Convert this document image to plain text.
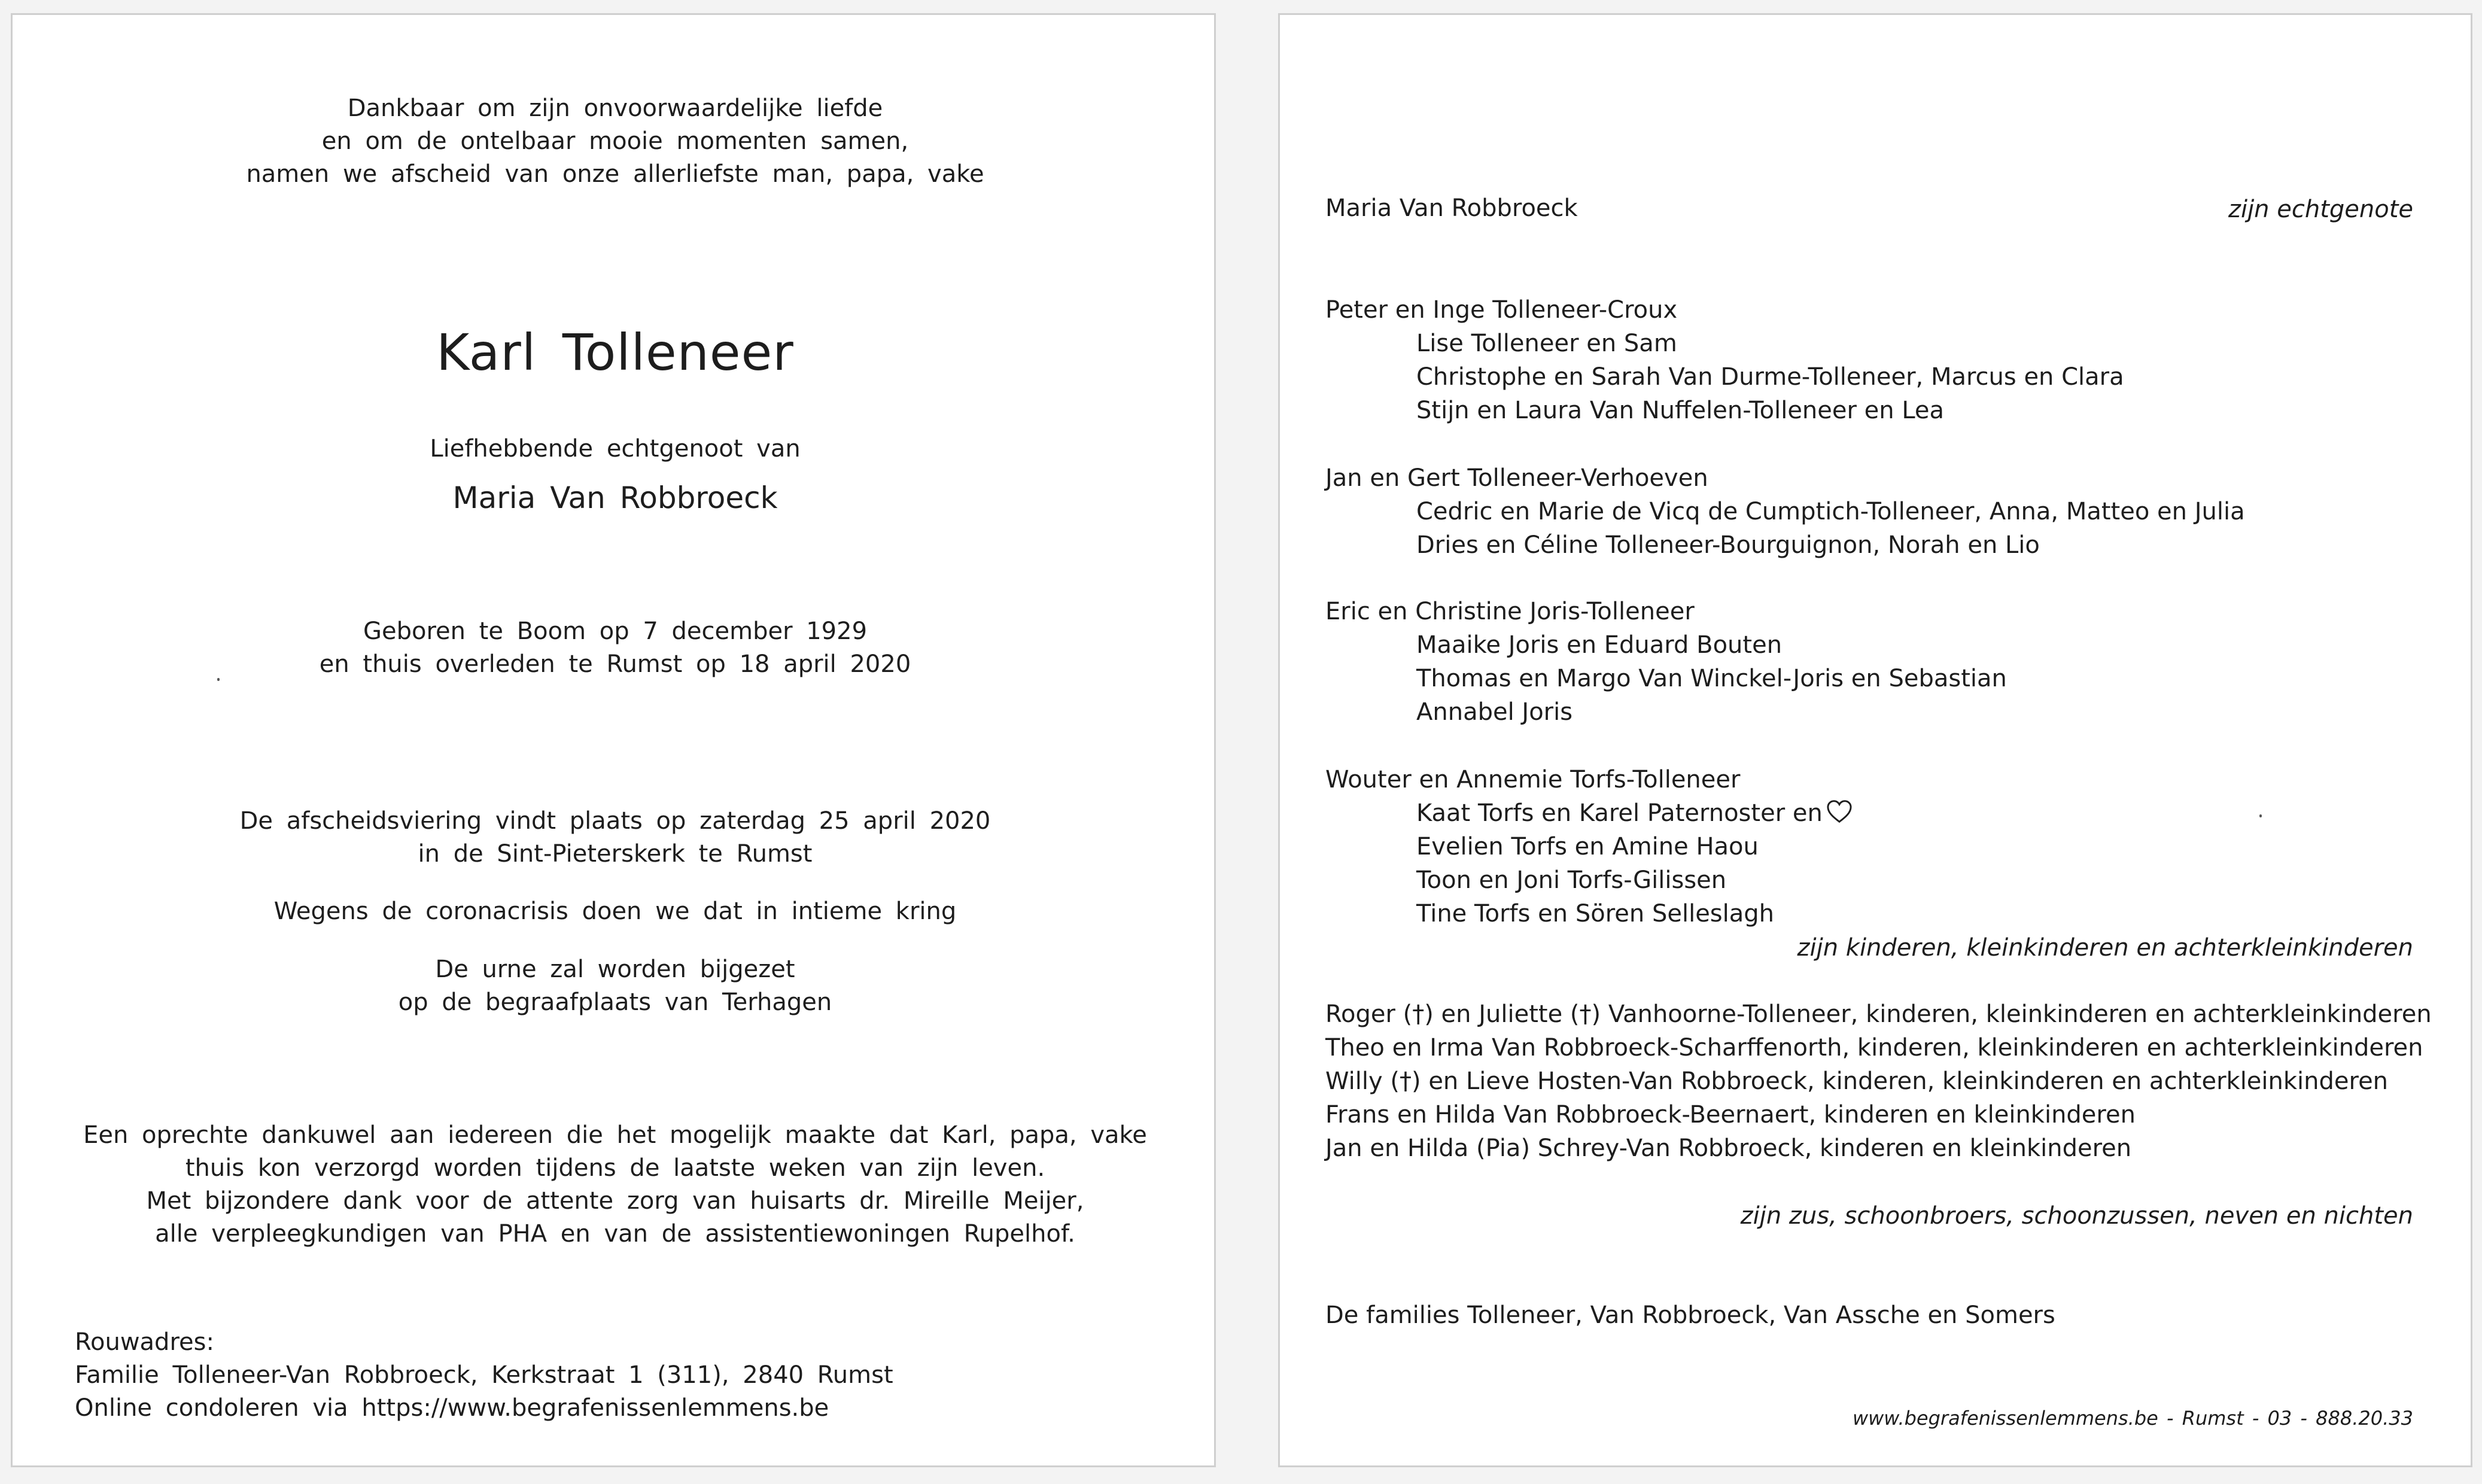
Dankbaar om zijn onvoorwaardelijke liefde
en om de ontelbaar mooie momenten samen,
namen we afscheid van onze allerliefste man, papa, vake
Karl Tolleneer
Liefhebbende echtgenoot van
Maria Van Robbroeck
Geboren te Boom op 7 december 1929
en thuis overleden te Rumst op 18 april 2020
De afscheidsviering vindt plaats op zaterdag 25 april 2020
in de Sint-Pieterskerk te Rumst
Wegens de coronacrisis doen we dat in intieme kring
De urne zal worden bijgezet
op de begraafplaats van Terhagen
Een oprechte dankuwel aan iedereen die het mogelijk maakte dat Karl, papa, vake
thuis kon verzorgd worden tijdens de laatste weken van zijn leven.
Met bijzondere dank voor de attente zorg van huisarts dr. Mireille Meijer,
alle verpleegkundigen van PHA en van de assistentiewoningen Rupelhof.
Rouwadres:
Familie Tolleneer-Van Robbroeck, Kerkstraat 1 (311), 2840 Rumst
Online condoleren via https://www.begrafenissenlemmens.be
Maria Van Robbroeck	zijn echtgenote
Peter en Inge Tolleneer-Croux
Lise Tolleneer en Sam
Christophe en Sarah Van Durme-Tolleneer, Marcus en Clara
Stijn en Laura Van Nuffelen-Tolleneer en Lea
Jan en Gert Tolleneer-Verhoeven
Cedric en Marie de Vicq de Cumptich-Tolleneer, Anna, Matteo en Julia
Dries en Céline Tolleneer-Bourguignon, Norah en Lio
Eric en Christine Joris-Tolleneer
Maaike Joris en Eduard Bouten
Thomas en Margo Van Winckel-Joris en Sebastian
Annabel Joris
Wouter en Annemie Torfs-Tolleneer
Kaat Torfs en Karel Paternoster en
Evelien Torfs en Amine Haou
Toon en Joni Torfs-Gilissen
Tine Torfs en Sören Selleslagh
zijn kinderen, kleinkinderen en achterkleinkinderen
Roger (†) en Juliette (†) Vanhoorne-Tolleneer, kinderen, kleinkinderen en achterkleinkinderen
Theo en Irma Van Robbroeck-Scharffenorth, kinderen, kleinkinderen en achterkleinkinderen
Willy (†) en Lieve Hosten-Van Robbroeck, kinderen, kleinkinderen en achterkleinkinderen
Frans en Hilda Van Robbroeck-Beernaert, kinderen en kleinkinderen
Jan en Hilda (Pia) Schrey-Van Robbroeck, kinderen en kleinkinderen
zijn zus, schoonbroers, schoonzussen, neven en nichten
De families Tolleneer, Van Robbroeck, Van Assche en Somers
www.begrafenissenlemmens.be - Rumst - 03 - 888.20.33
